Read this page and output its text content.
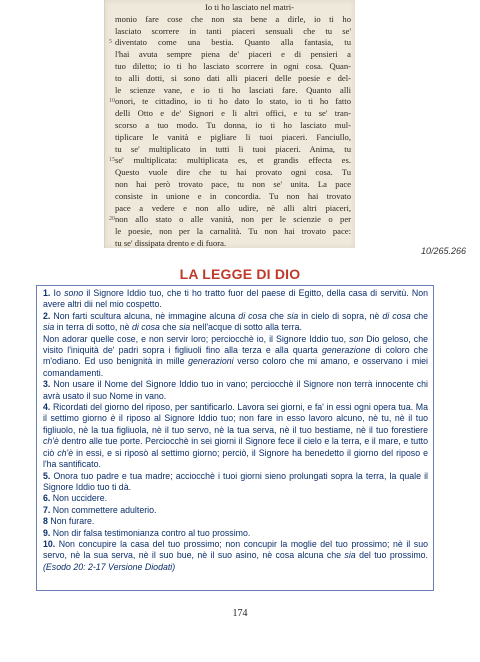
Io ti ho lasciato nel matri-
monio fare cose che non sta bene a dirle, io ti ho
lasciato scorrere in tanti piaceri sensuali che tu se'
5 diventato come una bestia. Quanto alla fantasia, tu
l'hai avuta sempre piena de' piaceri e di pensieri a
tuo diletto; io ti ho lasciato scorrere in ogni cosa. Quan-
to alli dotti, si sono dati alli piaceri delle poesie e del-
le scienze vane, e io ti ho lasciati fare. Quanto alli
10 onori, te cittadino, io ti ho dato lo stato, io ti ho fatto
delli Otto e de' Signori e li altri offici, e tu se' tran-
scorso a tuo modo. Tu donna, io ti ho lasciato mul-
tiplicare le vanità e pigliare li tuoi piaceri. Fanciullo,
tu se' multiplicato in tutti li tuoi piaceri. Anima, tu
15 se' multiplicata: multiplicata es, et grandis effecta es.
Questo vuole dire che tu hai provato ogni cosa. Tu
non hai però trovato pace, tu non se' unita. La pace
consiste in unione e in concordia. Tu non hai trovato
pace a vedere e non allo udire, nè alli altri piaceri,
20 non allo stato o alle vanità, non per le scienzie o per
le poesie, non per la carnalità. Tu non hai trovato pace:
tu se' dissipata drento e di fuora.
10/265.266
LA LEGGE DI DIO

1. Io sono il Signore Iddio tuo, che ti ho tratto fuor del paese di Egitto, della casa di servitù. Non avere altri dii nel mio cospetto.

2. Non farti scultura alcuna, nè immagine alcuna di cosa che sia in cielo di sopra, nè di cosa che sia in terra di sotto, nè di cosa che sia nell'acque di sotto alla terra.

Non adorar quelle cose, e non servir loro; perciocchè io, il Signore Iddio tuo, son Dio geloso, che visito l'iniquità de' padri sopra i figliuoli fino alla terza e alla quarta generazione di coloro che m'odiano. Ed uso benignità in mille generazioni verso coloro che mi amano, e osservano i miei comandamenti.

3. Non usare il Nome del Signore Iddio tuo in vano; perciocchè il Signore non terrà innocente chi avrà usato il suo Nome in vano.

4. Ricordati del giorno del riposo, per santificarlo. Lavora sei giorni, e fa' in essi ogni opera tua. Ma il settimo giorno è il riposo al Signore Iddio tuo; non fare in esso lavoro alcuno, nè tu, nè il tuo figliuolo, nè la tua figliuola, nè il tuo servo, nè la tua serva, nè il tuo bestiame, nè il tuo forestiere ch'è dentro alle tue porte. Perciocchè in sei giorni il Signore fece il cielo e la terra, e il mare, e tutto ciò ch'è in essi, e si riposò al settimo giorno; perciò, il Signore ha benedetto il giorno del riposo e l'ha santificato.

5. Onora tuo padre e tua madre; acciocchè i tuoi giorni sieno prolungati sopra la terra, la quale il Signore Iddio tuo ti dà.

6. Non uccidere.

7. Non commettere adulterio.

8 Non furare.

9. Non dir falsa testimonianza contro al tuo prossimo.

10. Non concupire la casa del tuo prossimo; non concupir la moglie del tuo prossimo; nè il suo servo, nè la sua serva, nè il suo bue, nè il suo asino, nè cosa alcuna che sia del tuo prossimo. (Esodo 20: 2-17 Versione Diodati)

174
